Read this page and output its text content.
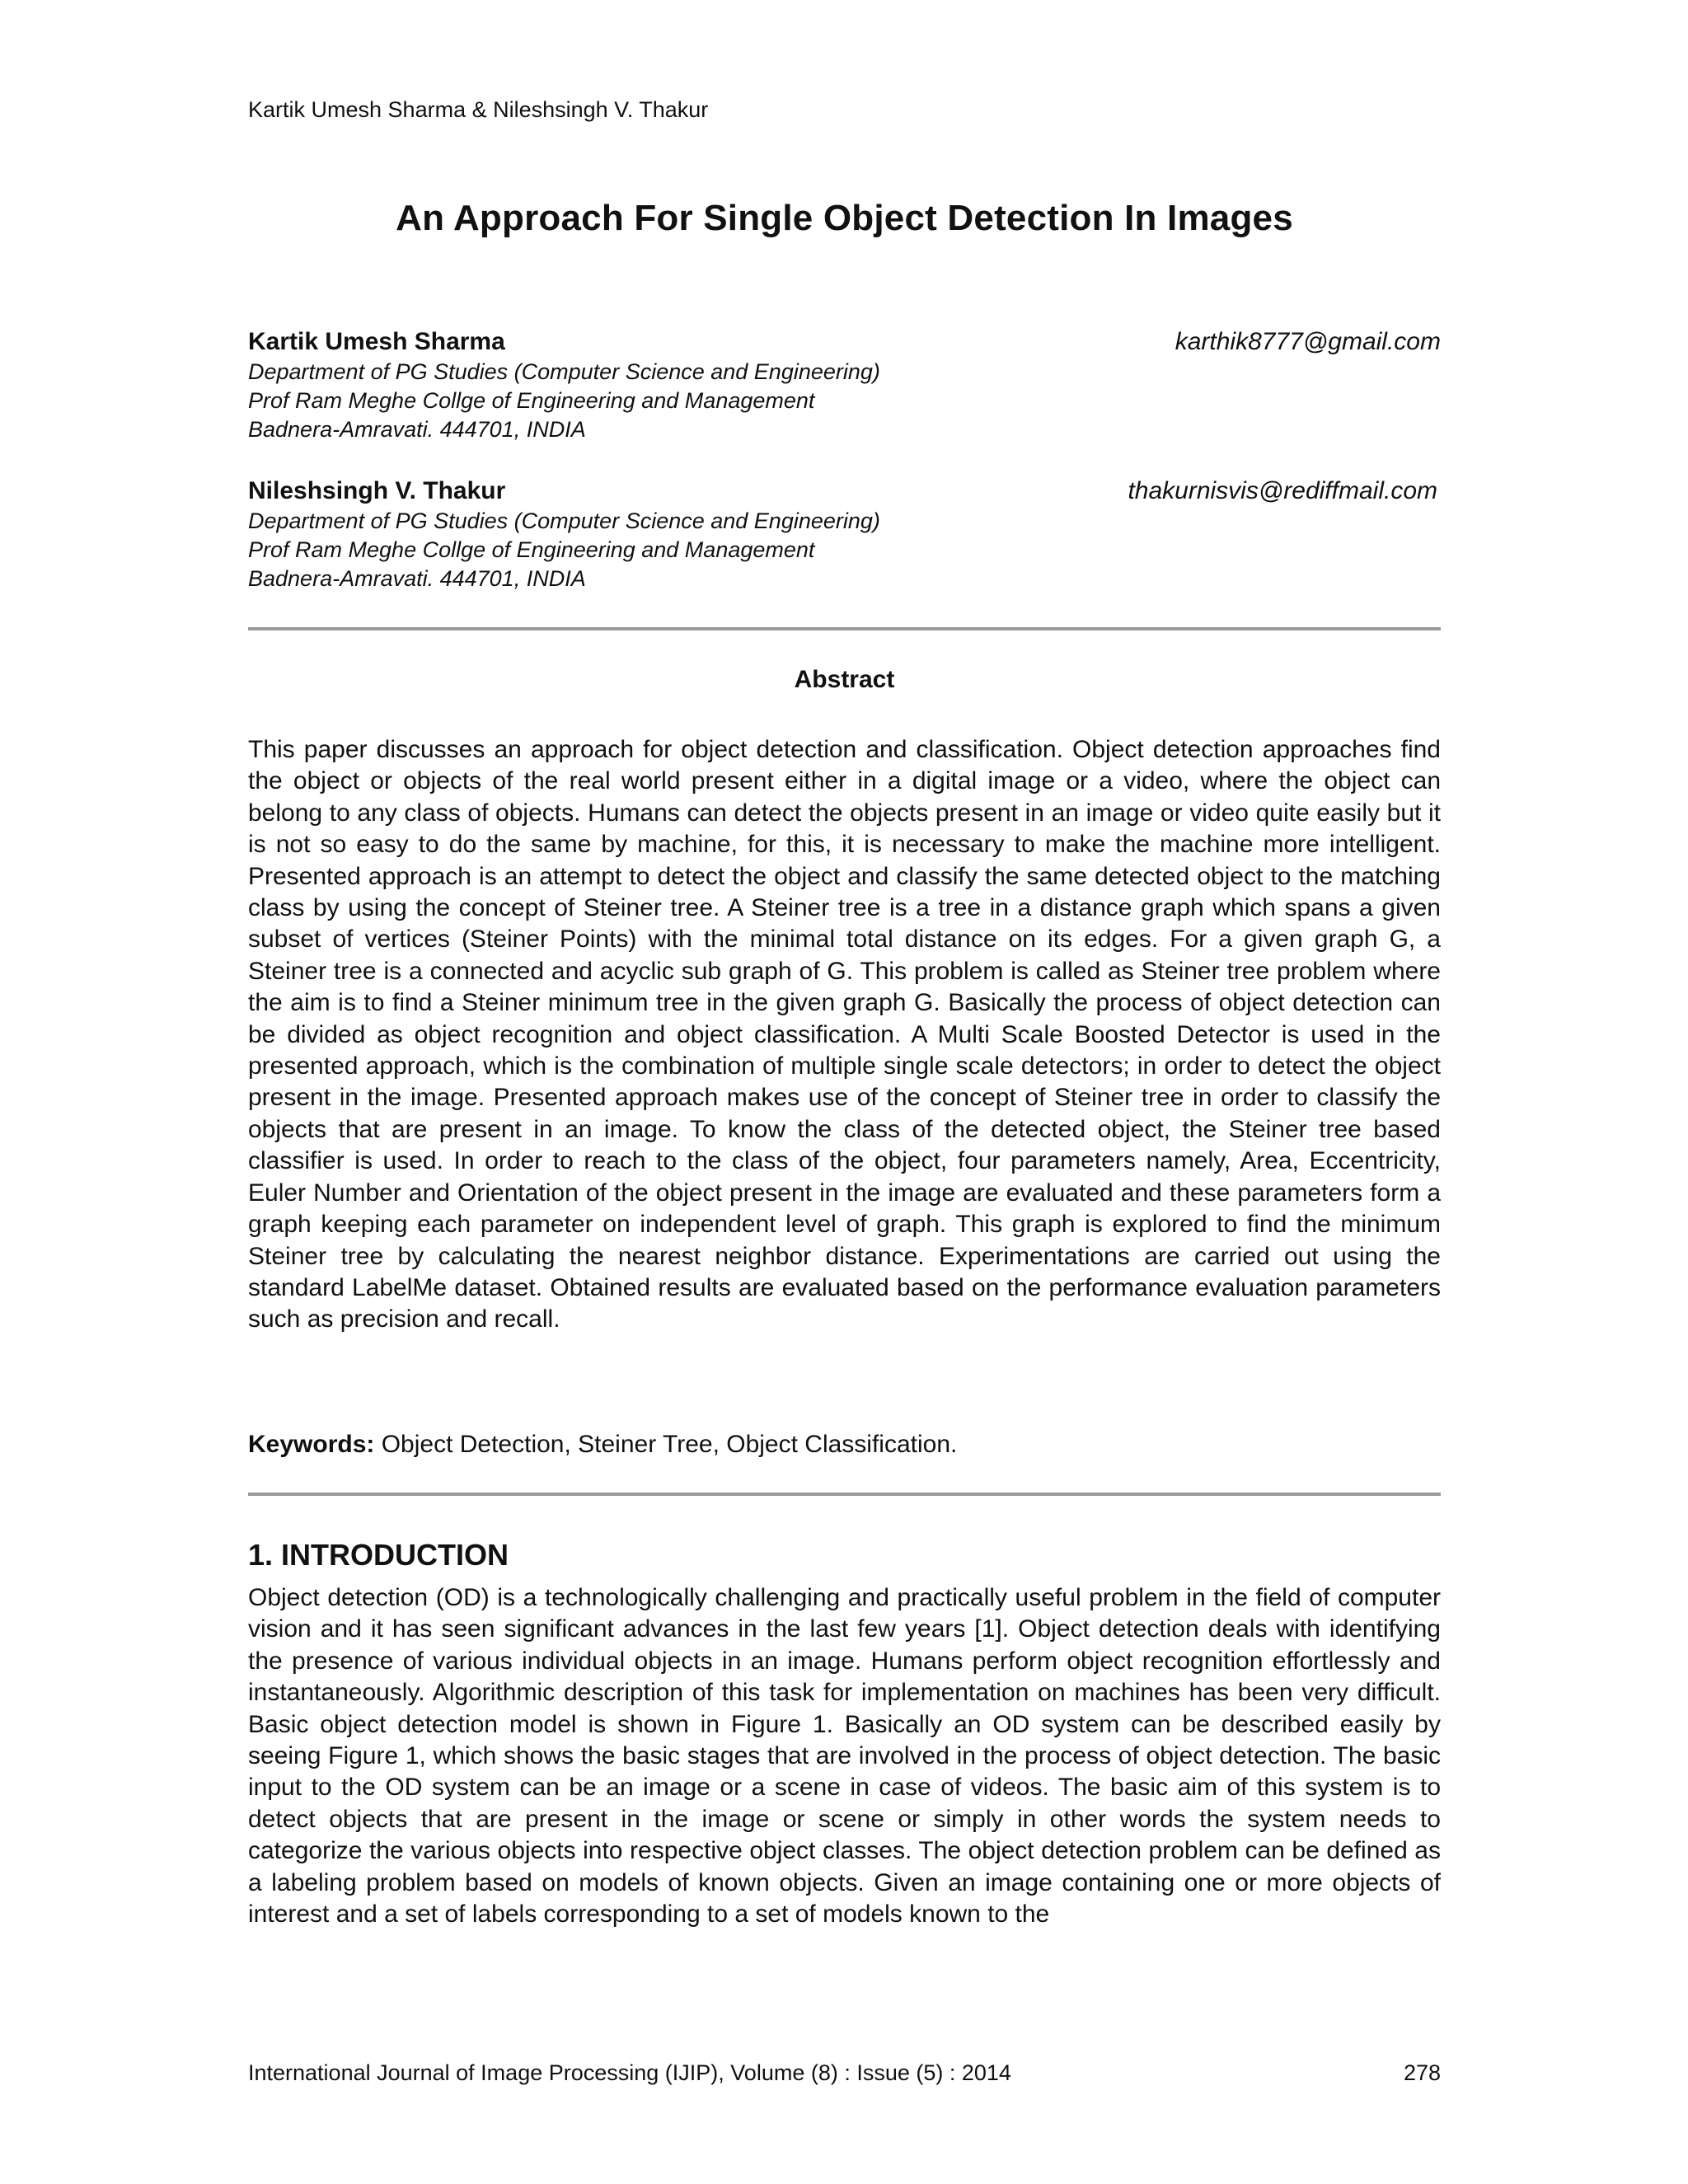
Kartik Umesh Sharma & Nileshsingh V. Thakur
An Approach For Single Object Detection In Images
Kartik Umesh Sharma	karthik8777@gmail.com
Department of PG Studies (Computer Science and Engineering)
Prof Ram Meghe Collge of Engineering and Management
Badnera-Amravati. 444701, INDIA
Nileshsingh V. Thakur	thakurnisvis@rediffmail.com
Department of PG Studies (Computer Science and Engineering)
Prof Ram Meghe Collge of Engineering and Management
Badnera-Amravati. 444701, INDIA
Abstract
This paper discusses an approach for object detection and classification. Object detection approaches find the object or objects of the real world present either in a digital image or a video, where the object can belong to any class of objects. Humans can detect the objects present in an image or video quite easily but it is not so easy to do the same by machine, for this, it is necessary to make the machine more intelligent. Presented approach is an attempt to detect the object and classify the same detected object to the matching class by using the concept of Steiner tree. A Steiner tree is a tree in a distance graph which spans a given subset of vertices (Steiner Points) with the minimal total distance on its edges. For a given graph G, a Steiner tree is a connected and acyclic sub graph of G. This problem is called as Steiner tree problem where the aim is to find a Steiner minimum tree in the given graph G. Basically the process of object detection can be divided as object recognition and object classification. A Multi Scale Boosted Detector is used in the presented approach, which is the combination of multiple single scale detectors; in order to detect the object present in the image. Presented approach makes use of the concept of Steiner tree in order to classify the objects that are present in an image. To know the class of the detected object, the Steiner tree based classifier is used. In order to reach to the class of the object, four parameters namely, Area, Eccentricity, Euler Number and Orientation of the object present in the image are evaluated and these parameters form a graph keeping each parameter on independent level of graph. This graph is explored to find the minimum Steiner tree by calculating the nearest neighbor distance. Experimentations are carried out using the standard LabelMe dataset. Obtained results are evaluated based on the performance evaluation parameters such as precision and recall.
Keywords: Object Detection, Steiner Tree, Object Classification.
1. INTRODUCTION
Object detection (OD) is a technologically challenging and practically useful problem in the field of computer vision and it has seen significant advances in the last few years [1]. Object detection deals with identifying the presence of various individual objects in an image. Humans perform object recognition effortlessly and instantaneously. Algorithmic description of this task for implementation on machines has been very difficult. Basic object detection model is shown in Figure 1. Basically an OD system can be described easily by seeing Figure 1, which shows the basic stages that are involved in the process of object detection. The basic input to the OD system can be an image or a scene in case of videos. The basic aim of this system is to detect objects that are present in the image or scene or simply in other words the system needs to categorize the various objects into respective object classes. The object detection problem can be defined as a labeling problem based on models of known objects. Given an image containing one or more objects of interest and a set of labels corresponding to a set of models known to the
International Journal of Image Processing (IJIP), Volume (8) : Issue (5) : 2014	278
